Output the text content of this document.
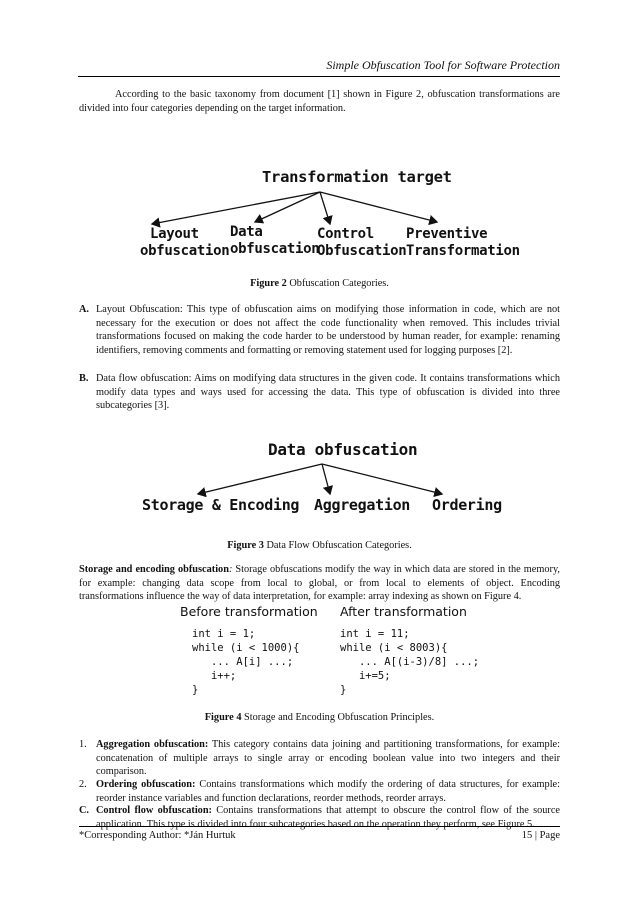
Simple Obfuscation Tool for Software Protection

According to the basic taxonomy from document [1] shown in Figure 2, obfuscation transformations are divided into four categories depending on the target information.

Transformation target
Layout
obfuscation
Data
obfuscation
Control
Obfuscation
Preventive
Transformation
Figure 2 Obfuscation Categories.
A. Layout Obfuscation: This type of obfuscation aims on modifying those information in code, which are not necessary for the execution or does not affect the code functionality when removed. This includes trivial transformations focused on making the code harder to be understood by human reader, for example: renaming identifiers, removing comments and formatting or removing statement used for logging purposes [2].
B. Data flow obfuscation: Aims on modifying data structures in the given code. It contains transformations which modify data types and ways used for accessing the data. This type of obfuscation is divided into three subcategories [3].
Data obfuscation
Storage & Encoding Aggregation Ordering
Figure 3 Data Flow Obfuscation Categories.

Storage and encoding obfuscation: Storage obfuscations modify the way in which data are stored in the memory, for example: changing data scope from local to global, or from local to elements of object. Encoding transformations influence the way of data interpretation, for example: array indexing as shown on Figure 4.

Before transformation After transformation
int i = 1;
while (i < 1000){
... A[i] ...;
i++;
}
int i = 11;
while (i < 8003){
... A[(i-3)/8] ...;
i+=5;
}
Figure 4 Storage and Encoding Obfuscation Principles.
1. Aggregation obfuscation: This category contains data joining and partitioning transformations, for example: concatenation of multiple arrays to single array or encoding boolean value into two integers and their comparison.
2. Ordering obfuscation: Contains transformations which modify the ordering of data structures, for example: reorder instance variables and function declarations, reorder methods, reorder arrays.
C. Control flow obfuscation: Contains transformations that attempt to obscure the control flow of the source application. This type is divided into four subcategories based on the operation they perform, see Figure 5.
*Corresponding Author: *Ján Hurtuk	15 | Page
